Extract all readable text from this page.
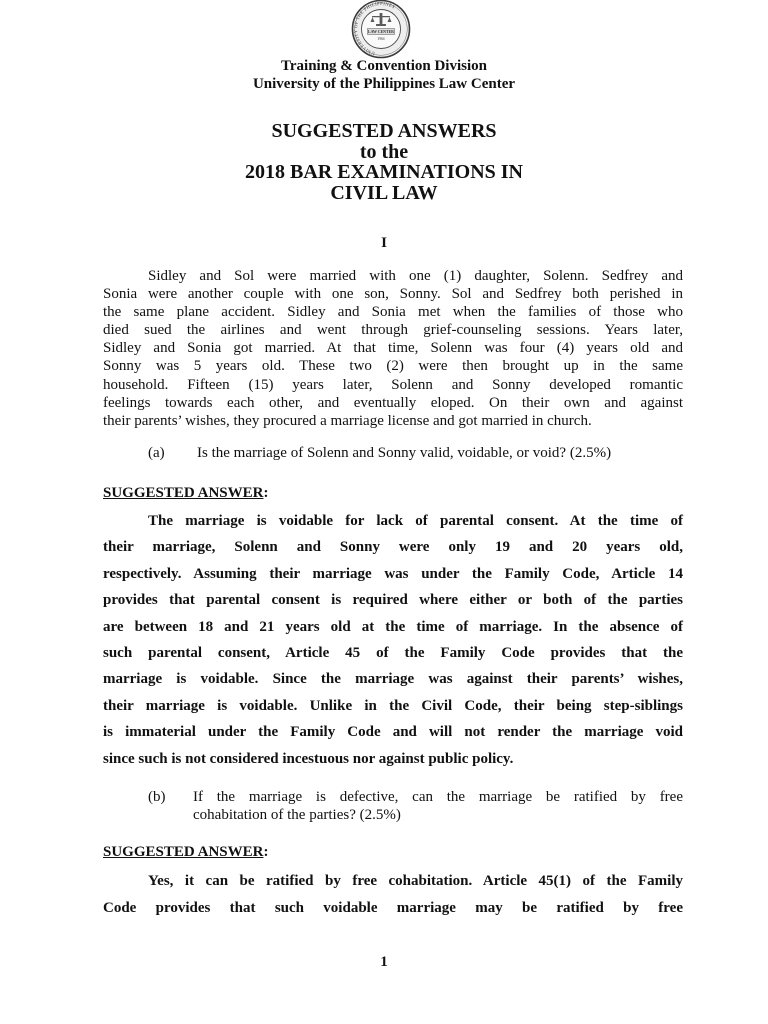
UNIVERSITY OF THE PHILIPPINES
LAW CENTER
1964
Training & Convention Division
University of the Philippines Law Center
SUGGESTED ANSWERS
to the
2018 BAR EXAMINATIONS IN
CIVIL LAW
I
Sidley and Sol were married with one (1) daughter, Solenn. Sedfrey and
Sonia were another couple with one son, Sonny. Sol and Sedfrey both perished in
the same plane accident. Sidley and Sonia met when the families of those who
died sued the airlines and went through grief-counseling sessions. Years later,
Sidley and Sonia got married. At that time, Solenn was four (4) years old and
Sonny was 5 years old. These two (2) were then brought up in the same
household. Fifteen (15) years later, Solenn and Sonny developed romantic
feelings towards each other, and eventually eloped. On their own and against
their parents’ wishes, they procured a marriage license and got married in church.
(a) Is the marriage of Solenn and Sonny valid, voidable, or void? (2.5%)
SUGGESTED ANSWER:
The marriage is voidable for lack of parental consent. At the time of
their marriage, Solenn and Sonny were only 19 and 20 years old,
respectively. Assuming their marriage was under the Family Code, Article 14
provides that parental consent is required where either or both of the parties
are between 18 and 21 years old at the time of marriage. In the absence of
such parental consent, Article 45 of the Family Code provides that the
marriage is voidable. Since the marriage was against their parents’ wishes,
their marriage is voidable. Unlike in the Civil Code, their being step-siblings
is immaterial under the Family Code and will not render the marriage void
since such is not considered incestuous nor against public policy.
(b) If the marriage is defective, can the marriage be ratified by free
cohabitation of the parties? (2.5%)
SUGGESTED ANSWER:
Yes, it can be ratified by free cohabitation. Article 45(1) of the Family
Code provides that such voidable marriage may be ratified by free
1
